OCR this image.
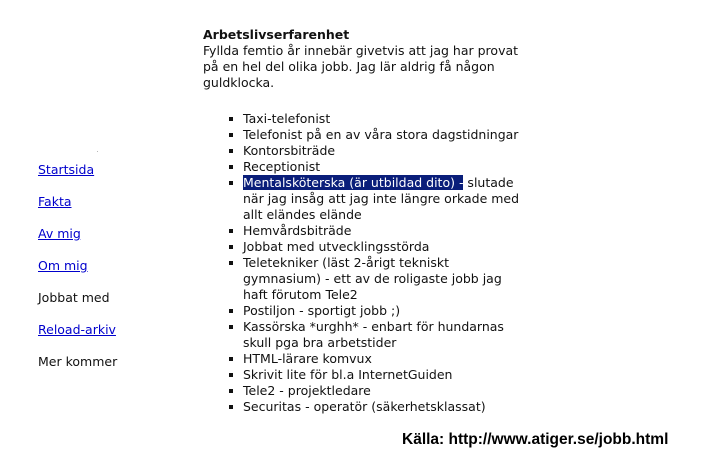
Startsida
Fakta
Av mig
Om mig
Jobbat med
Reload-arkiv
Mer kommer
Arbetslivserfarenhet

Fyllda femtio år innebär givetvis att jag har provat på en hel del olika jobb. Jag lär aldrig få någon guldklocka.

Taxi-telefonist
Telefonist på en av våra stora dagstidningar
Kontorsbiträde
Receptionist
Mentalsköterska (är utbildad dito) - slutade när jag insåg att jag inte längre orkade med allt eländes elände
Hemvårdsbiträde
Jobbat med utvecklingsstörda
Teletekniker (läst 2-årigt tekniskt gymnasium) - ett av de roligaste jobb jag haft förutom Tele2
Postiljon - sportigt jobb ;)
Kassörska *urghh* - enbart för hundarnas skull pga bra arbetstider
HTML-lärare komvux
Skrivit lite för bl.a InternetGuiden
Tele2 - projektledare
Securitas - operatör (säkerhetsklassat)
Källa: http://www.atiger.se/jobb.html
